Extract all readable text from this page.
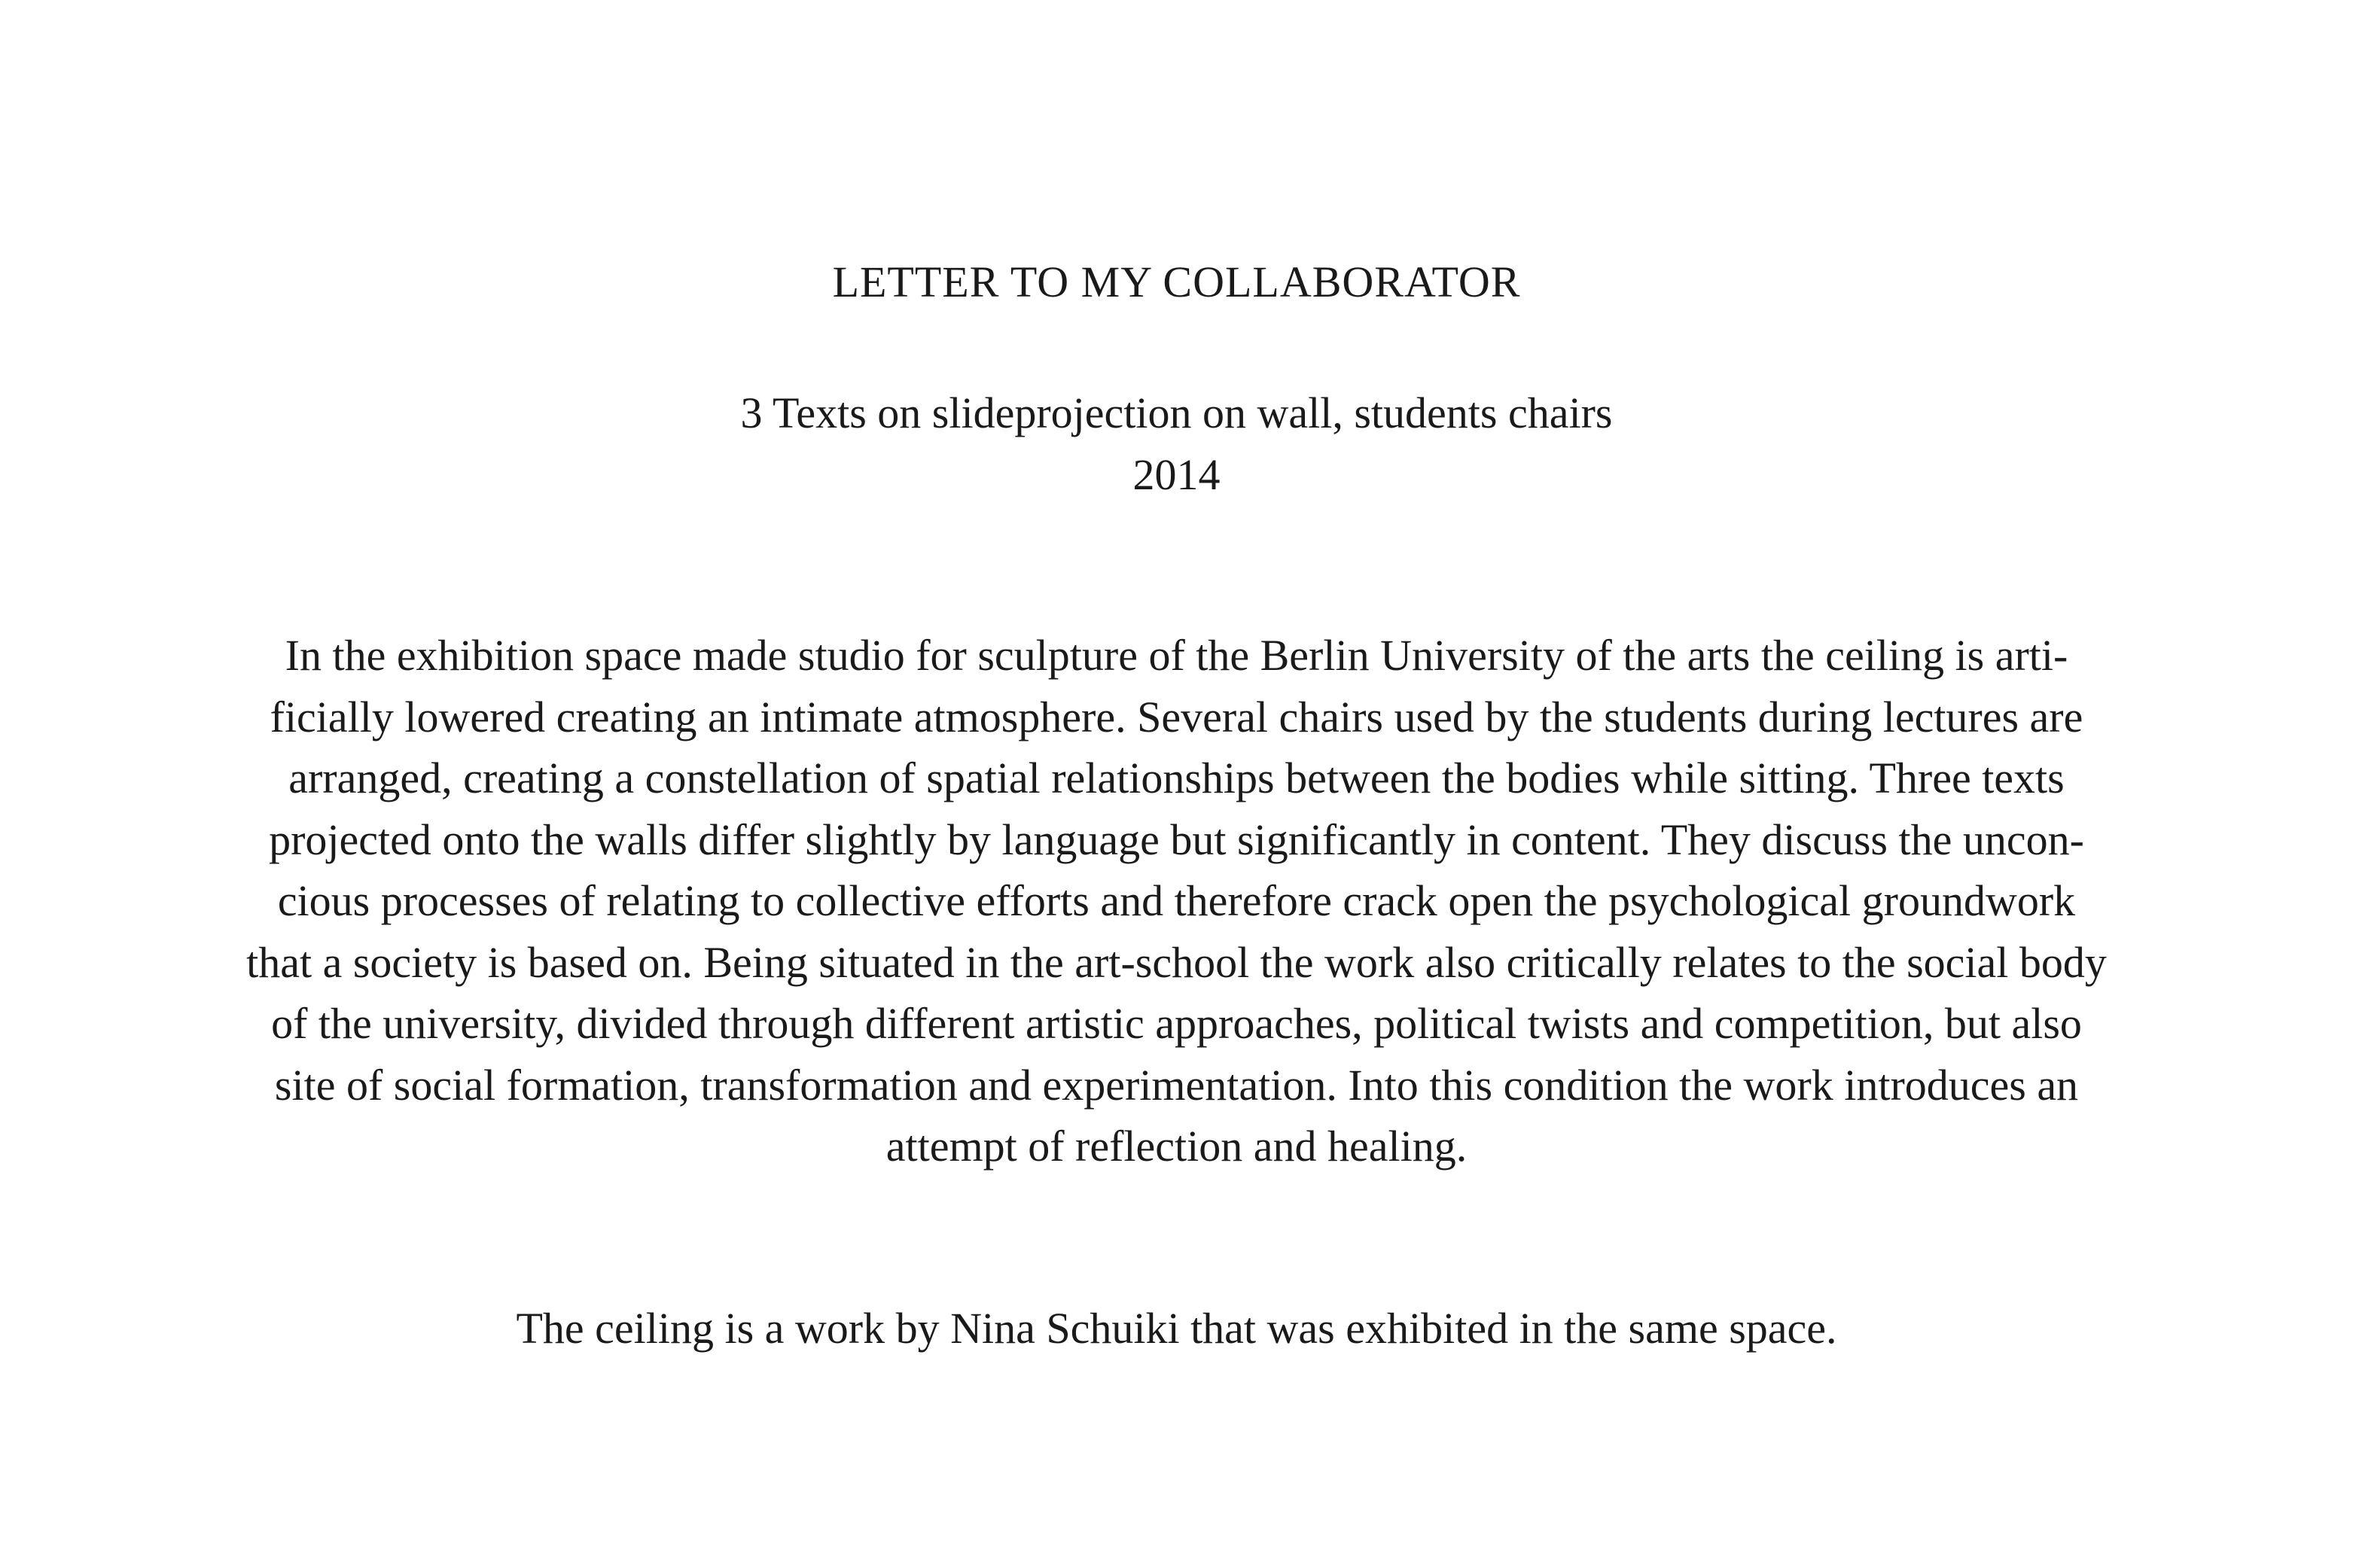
LETTER TO MY COLLABORATOR
3 Texts on slideprojection on wall, students chairs
2014
In the exhibition space made studio for sculpture of the Berlin University of the arts the ceiling is arti-
ficially lowered creating an intimate atmosphere. Several chairs used by the students during lectures are
arranged, creating a constellation of spatial relationships between the bodies while sitting. Three texts
projected onto the walls differ slightly by language but significantly in content. They discuss the uncon-
cious processes of relating to collective efforts and therefore crack open the psychological groundwork
that a society is based on. Being situated in the art-school the work also critically relates to the social body
of the university, divided through different artistic approaches, political twists and competition, but also
site of social formation, transformation and experimentation. Into this condition the work introduces an
attempt of reflection and healing.
The ceiling is a work by Nina Schuiki that was exhibited in the same space.
